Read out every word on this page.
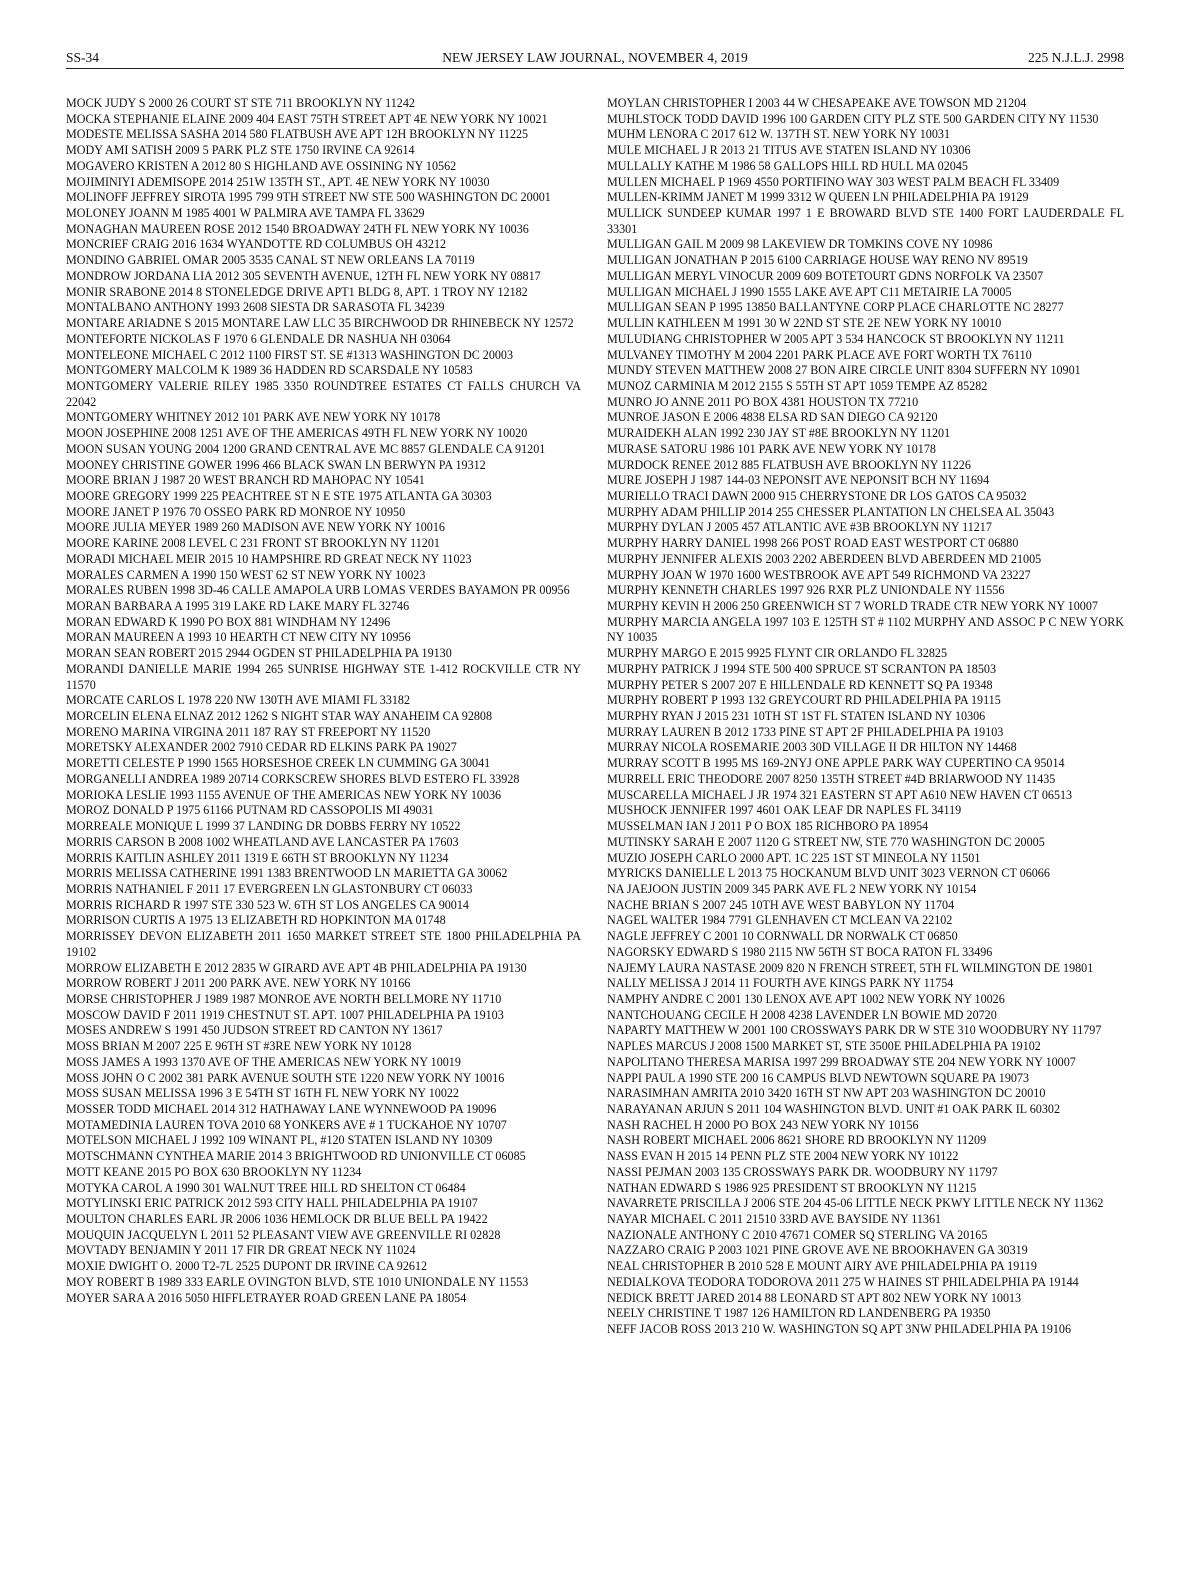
SS-34	NEW JERSEY LAW JOURNAL, NOVEMBER 4, 2019	225 N.J.L.J. 2998

MOCK JUDY S 2000 26 COURT ST STE 711 BROOKLYN NY 11242

MOCKA STEPHANIE ELAINE 2009 404 EAST 75TH STREET APT 4E NEW YORK NY 10021

MODESTE MELISSA SASHA 2014 580 FLATBUSH AVE APT 12H BROOKLYN NY 11225

MODY AMI SATISH 2009 5 PARK PLZ STE 1750 IRVINE CA 92614

MOGAVERO KRISTEN A 2012 80 S HIGHLAND AVE OSSINING NY 10562

MOJIMINIYI ADEMISOPE 2014 251W 135TH ST., APT. 4E NEW YORK NY 10030

MOLINOFF JEFFREY SIROTA 1995 799 9TH STREET NW STE 500 WASHINGTON DC 20001

MOLONEY JOANN M 1985 4001 W PALMIRA AVE TAMPA FL 33629

MONAGHAN MAUREEN ROSE 2012 1540 BROADWAY 24TH FL NEW YORK NY 10036

MONCRIEF CRAIG 2016 1634 WYANDOTTE RD COLUMBUS OH 43212

MONDINO GABRIEL OMAR 2005 3535 CANAL ST NEW ORLEANS LA 70119

MONDROW JORDANA LIA 2012 305 SEVENTH AVENUE, 12TH FL NEW YORK NY 08817

MONIR SRABONE 2014 8 STONELEDGE DRIVE APT1 BLDG 8, APT. 1 TROY NY 12182

MONTALBANO ANTHONY 1993 2608 SIESTA DR SARASOTA FL 34239

MONTARE ARIADNE S 2015 MONTARE LAW LLC 35 BIRCHWOOD DR RHINEBECK NY 12572

MONTEFORTE NICKOLAS F 1970 6 GLENDALE DR NASHUA NH 03064

MONTELEONE MICHAEL C 2012 1100 FIRST ST. SE #1313 WASHINGTON DC 20003

MONTGOMERY MALCOLM K 1989 36 HADDEN RD SCARSDALE NY 10583

MONTGOMERY VALERIE RILEY 1985 3350 ROUNDTREE ESTATES CT FALLS CHURCH VA 22042

MONTGOMERY WHITNEY 2012 101 PARK AVE NEW YORK NY 10178

MOON JOSEPHINE 2008 1251 AVE OF THE AMERICAS 49TH FL NEW YORK NY 10020

MOON SUSAN YOUNG 2004 1200 GRAND CENTRAL AVE MC 8857 GLENDALE CA 91201

MOONEY CHRISTINE GOWER 1996 466 BLACK SWAN LN BERWYN PA 19312

MOORE BRIAN J 1987 20 WEST BRANCH RD MAHOPAC NY 10541

MOORE GREGORY 1999 225 PEACHTREE ST N E STE 1975 ATLANTA GA 30303

MOORE JANET P 1976 70 OSSEO PARK RD MONROE NY 10950

MOORE JULIA MEYER 1989 260 MADISON AVE NEW YORK NY 10016

MOORE KARINE 2008 LEVEL C 231 FRONT ST BROOKLYN NY 11201

MORADI MICHAEL MEIR 2015 10 HAMPSHIRE RD GREAT NECK NY 11023

MORALES CARMEN A 1990 150 WEST 62 ST NEW YORK NY 10023

MORALES RUBEN 1998 3D-46 CALLE AMAPOLA URB LOMAS VERDES BAYAMON PR 00956

MORAN BARBARA A 1995 319 LAKE RD LAKE MARY FL 32746

MORAN EDWARD K 1990 PO BOX 881 WINDHAM NY 12496

MORAN MAUREEN A 1993 10 HEARTH CT NEW CITY NY 10956

MORAN SEAN ROBERT 2015 2944 OGDEN ST PHILADELPHIA PA 19130

MORANDI DANIELLE MARIE 1994 265 SUNRISE HIGHWAY STE 1-412 ROCKVILLE CTR NY 11570

MORCATE CARLOS L 1978 220 NW 130TH AVE MIAMI FL 33182

MORCELIN ELENA ELNAZ 2012 1262 S NIGHT STAR WAY ANAHEIM CA 92808

MORENO MARINA VIRGINA 2011 187 RAY ST FREEPORT NY 11520

MORETSKY ALEXANDER 2002 7910 CEDAR RD ELKINS PARK PA 19027

MORETTI CELESTE P 1990 1565 HORSESHOE CREEK LN CUMMING GA 30041

MORGANELLI ANDREA 1989 20714 CORKSCREW SHORES BLVD ESTERO FL 33928

MORIOKA LESLIE 1993 1155 AVENUE OF THE AMERICAS NEW YORK NY 10036

MOROZ DONALD P 1975 61166 PUTNAM RD CASSOPOLIS MI 49031

MORREALE MONIQUE L 1999 37 LANDING DR DOBBS FERRY NY 10522

MORRIS CARSON B 2008 1002 WHEATLAND AVE LANCASTER PA 17603

MORRIS KAITLIN ASHLEY 2011 1319 E 66TH ST BROOKLYN NY 11234

MORRIS MELISSA CATHERINE 1991 1383 BRENTWOOD LN MARIETTA GA 30062

MORRIS NATHANIEL F 2011 17 EVERGREEN LN GLASTONBURY CT 06033

MORRIS RICHARD R 1997 STE 330 523 W. 6TH ST LOS ANGELES CA 90014

MORRISON CURTIS A 1975 13 ELIZABETH RD HOPKINTON MA 01748

MORRISSEY DEVON ELIZABETH 2011 1650 MARKET STREET STE 1800 PHILADELPHIA PA 19102

MORROW ELIZABETH E 2012 2835 W GIRARD AVE APT 4B PHILADELPHIA PA 19130

MORROW ROBERT J 2011 200 PARK AVE. NEW YORK NY 10166

MORSE CHRISTOPHER J 1989 1987 MONROE AVE NORTH BELLMORE NY 11710

MOSCOW DAVID F 2011 1919 CHESTNUT ST. APT. 1007 PHILADELPHIA PA 19103

MOSES ANDREW S 1991 450 JUDSON STREET RD CANTON NY 13617

MOSS BRIAN M 2007 225 E 96TH ST #3RE NEW YORK NY 10128

MOSS JAMES A 1993 1370 AVE OF THE AMERICAS NEW YORK NY 10019

MOSS JOHN O C 2002 381 PARK AVENUE SOUTH STE 1220 NEW YORK NY 10016

MOSS SUSAN MELISSA 1996 3 E 54TH ST 16TH FL NEW YORK NY 10022

MOSSER TODD MICHAEL 2014 312 HATHAWAY LANE WYNNEWOOD PA 19096

MOTAMEDINIA LAUREN TOVA 2010 68 YONKERS AVE # 1 TUCKAHOE NY 10707

MOTELSON MICHAEL J 1992 109 WINANT PL, #120 STATEN ISLAND NY 10309

MOTSCHMANN CYNTHEA MARIE 2014 3 BRIGHTWOOD RD UNIONVILLE CT 06085

MOTT KEANE 2015 PO BOX 630 BROOKLYN NY 11234

MOTYKA CAROL A 1990 301 WALNUT TREE HILL RD SHELTON CT 06484

MOTYLINSKI ERIC PATRICK 2012 593 CITY HALL PHILADELPHIA PA 19107

MOULTON CHARLES EARL JR 2006 1036 HEMLOCK DR BLUE BELL PA 19422

MOUQUIN JACQUELYN L 2011 52 PLEASANT VIEW AVE GREENVILLE RI 02828

MOVTADY BENJAMIN Y 2011 17 FIR DR GREAT NECK NY 11024

MOXIE DWIGHT O. 2000 T2-7L 2525 DUPONT DR IRVINE CA 92612

MOY ROBERT B 1989 333 EARLE OVINGTON BLVD, STE 1010 UNIONDALE NY 11553

MOYER SARA A 2016 5050 HIFFLETRAYER ROAD GREEN LANE PA 18054

MOYLAN CHRISTOPHER I 2003 44 W CHESAPEAKE AVE TOWSON MD 21204

MUHLSTOCK TODD DAVID 1996 100 GARDEN CITY PLZ STE 500 GARDEN CITY NY 11530

MUHM LENORA C 2017 612 W. 137TH ST. NEW YORK NY 10031

MULE MICHAEL J R 2013 21 TITUS AVE STATEN ISLAND NY 10306

MULLALLY KATHE M 1986 58 GALLOPS HILL RD HULL MA 02045

MULLEN MICHAEL P 1969 4550 PORTIFINO WAY 303 WEST PALM BEACH FL 33409

MULLEN-KRIMM JANET M 1999 3312 W QUEEN LN PHILADELPHIA PA 19129

MULLICK SUNDEEP KUMAR 1997 1 E BROWARD BLVD STE 1400 FORT LAUDERDALE FL 33301

MULLIGAN GAIL M 2009 98 LAKEVIEW DR TOMKINS COVE NY 10986

MULLIGAN JONATHAN P 2015 6100 CARRIAGE HOUSE WAY RENO NV 89519

MULLIGAN MERYL VINOCUR 2009 609 BOTETOURT GDNS NORFOLK VA 23507

MULLIGAN MICHAEL J 1990 1555 LAKE AVE APT C11 METAIRIE LA 70005

MULLIGAN SEAN P 1995 13850 BALLANTYNE CORP PLACE CHARLOTTE NC 28277

MULLIN KATHLEEN M 1991 30 W 22ND ST STE 2E NEW YORK NY 10010

MULUDIANG CHRISTOPHER W 2005 APT 3 534 HANCOCK ST BROOKLYN NY 11211

MULVANEY TIMOTHY M 2004 2201 PARK PLACE AVE FORT WORTH TX 76110

MUNDY STEVEN MATTHEW 2008 27 BON AIRE CIRCLE UNIT 8304 SUFFERN NY 10901

MUNOZ CARMINIA M 2012 2155 S 55TH ST APT 1059 TEMPE AZ 85282

MUNRO JO ANNE 2011 PO BOX 4381 HOUSTON TX 77210

MUNROE JASON E 2006 4838 ELSA RD SAN DIEGO CA 92120

MURAIDEKH ALAN 1992 230 JAY ST #8E BROOKLYN NY 11201

MURASE SATORU 1986 101 PARK AVE NEW YORK NY 10178

MURDOCK RENEE 2012 885 FLATBUSH AVE BROOKLYN NY 11226

MURE JOSEPH J 1987 144-03 NEPONSIT AVE NEPONSIT BCH NY 11694

MURIELLO TRACI DAWN 2000 915 CHERRYSTONE DR LOS GATOS CA 95032

MURPHY ADAM PHILLIP 2014 255 CHESSER PLANTATION LN CHELSEA AL 35043

MURPHY DYLAN J 2005 457 ATLANTIC AVE #3B BROOKLYN NY 11217

MURPHY HARRY DANIEL 1998 266 POST ROAD EAST WESTPORT CT 06880

MURPHY JENNIFER ALEXIS 2003 2202 ABERDEEN BLVD ABERDEEN MD 21005

MURPHY JOAN W 1970 1600 WESTBROOK AVE APT 549 RICHMOND VA 23227

MURPHY KENNETH CHARLES 1997 926 RXR PLZ UNIONDALE NY 11556

MURPHY KEVIN H 2006 250 GREENWICH ST 7 WORLD TRADE CTR NEW YORK NY 10007

MURPHY MARCIA ANGELA 1997 103 E 125TH ST # 1102 MURPHY AND ASSOC P C NEW YORK NY 10035

MURPHY MARGO E 2015 9925 FLYNT CIR ORLANDO FL 32825

MURPHY PATRICK J 1994 STE 500 400 SPRUCE ST SCRANTON PA 18503

MURPHY PETER S 2007 207 E HILLENDALE RD KENNETT SQ PA 19348

MURPHY ROBERT P 1993 132 GREYCOURT RD PHILADELPHIA PA 19115

MURPHY RYAN J 2015 231 10TH ST 1ST FL STATEN ISLAND NY 10306

MURRAY LAUREN B 2012 1733 PINE ST APT 2F PHILADELPHIA PA 19103

MURRAY NICOLA ROSEMARIE 2003 30D VILLAGE II DR HILTON NY 14468

MURRAY SCOTT B 1995 MS 169-2NYJ ONE APPLE PARK WAY CUPERTINO CA 95014

MURRELL ERIC THEODORE 2007 8250 135TH STREET #4D BRIARWOOD NY 11435

MUSCARELLA MICHAEL J JR 1974 321 EASTERN ST APT A610 NEW HAVEN CT 06513

MUSHOCK JENNIFER 1997 4601 OAK LEAF DR NAPLES FL 34119

MUSSELMAN IAN J 2011 P O BOX 185 RICHBORO PA 18954

MUTINSKY SARAH E 2007 1120 G STREET NW, STE 770 WASHINGTON DC 20005

MUZIO JOSEPH CARLO 2000 APT. 1C 225 1ST ST MINEOLA NY 11501

MYRICKS DANIELLE L 2013 75 HOCKANUM BLVD UNIT 3023 VERNON CT 06066

NA JAEJOON JUSTIN 2009 345 PARK AVE FL 2 NEW YORK NY 10154

NACHE BRIAN S 2007 245 10TH AVE WEST BABYLON NY 11704

NAGEL WALTER 1984 7791 GLENHAVEN CT MCLEAN VA 22102

NAGLE JEFFREY C 2001 10 CORNWALL DR NORWALK CT 06850

NAGORSKY EDWARD S 1980 2115 NW 56TH ST BOCA RATON FL 33496

NAJEMY LAURA NASTASE 2009 820 N FRENCH STREET, 5TH FL WILMINGTON DE 19801

NALLY MELISSA J 2014 11 FOURTH AVE KINGS PARK NY 11754

NAMPHY ANDRE C 2001 130 LENOX AVE APT 1002 NEW YORK NY 10026

NANTCHOUANG CECILE H 2008 4238 LAVENDER LN BOWIE MD 20720

NAPARTY MATTHEW W 2001 100 CROSSWAYS PARK DR W STE 310 WOODBURY NY 11797

NAPLES MARCUS J 2008 1500 MARKET ST, STE 3500E PHILADELPHIA PA 19102

NAPOLITANO THERESA MARISA 1997 299 BROADWAY STE 204 NEW YORK NY 10007

NAPPI PAUL A 1990 STE 200 16 CAMPUS BLVD NEWTOWN SQUARE PA 19073

NARASIMHAN AMRITA 2010 3420 16TH ST NW APT 203 WASHINGTON DC 20010

NARAYANAN ARJUN S 2011 104 WASHINGTON BLVD. UNIT #1 OAK PARK IL 60302

NASH RACHEL H 2000 PO BOX 243 NEW YORK NY 10156

NASH ROBERT MICHAEL 2006 8621 SHORE RD BROOKLYN NY 11209

NASS EVAN H 2015 14 PENN PLZ STE 2004 NEW YORK NY 10122

NASSI PEJMAN 2003 135 CROSSWAYS PARK DR. WOODBURY NY 11797

NATHAN EDWARD S 1986 925 PRESIDENT ST BROOKLYN NY 11215

NAVARRETE PRISCILLA J 2006 STE 204 45-06 LITTLE NECK PKWY LITTLE NECK NY 11362

NAYAR MICHAEL C 2011 21510 33RD AVE BAYSIDE NY 11361

NAZIONALE ANTHONY C 2010 47671 COMER SQ STERLING VA 20165

NAZZARO CRAIG P 2003 1021 PINE GROVE AVE NE BROOKHAVEN GA 30319

NEAL CHRISTOPHER B 2010 528 E MOUNT AIRY AVE PHILADELPHIA PA 19119

NEDIALKOVA TEODORA TODOROVA 2011 275 W HAINES ST PHILADELPHIA PA 19144

NEDICK BRETT JARED 2014 88 LEONARD ST APT 802 NEW YORK NY 10013

NEELY CHRISTINE T 1987 126 HAMILTON RD LANDENBERG PA 19350

NEFF JACOB ROSS 2013 210 W. WASHINGTON SQ APT 3NW PHILADELPHIA PA 19106
